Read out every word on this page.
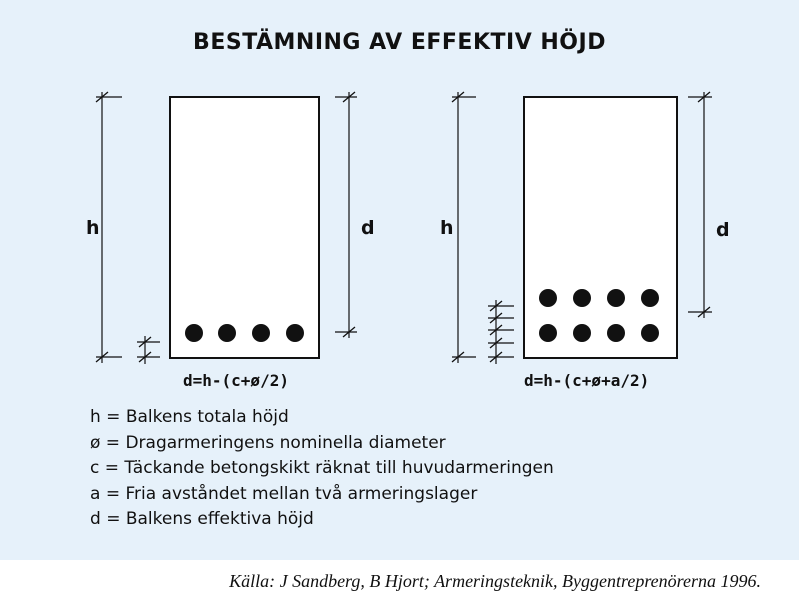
BESTÄMNING AV EFFEKTIV HÖJD
h	d
d=h-(c+ø/2)
h	d
d=h-(c+ø+a/2)
h = Balkens totala höjd
ø = Dragarmeringens nominella diameter
c = Täckande betongskikt räknat till huvudarmeringen
a = Fria avståndet mellan två armeringslager
d = Balkens effektiva höjd
Källa: J Sandberg, B Hjort; Armeringsteknik, Byggentreprenörerna 1996.
